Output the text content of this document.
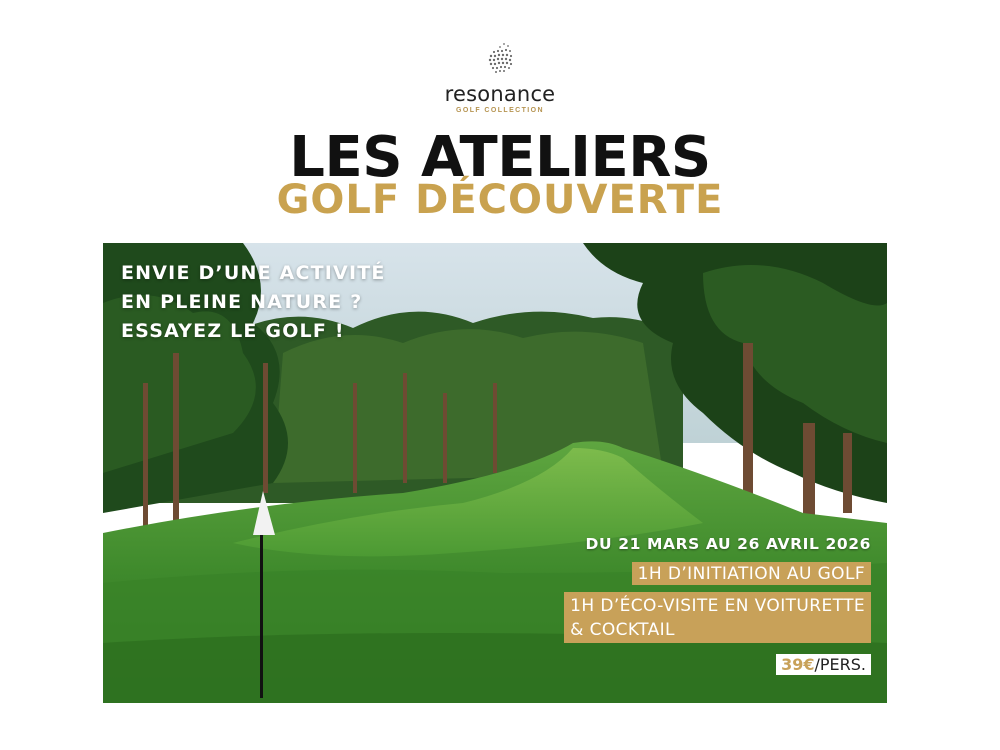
resonance
GOLF COLLECTION
LES ATELIERS
GOLF DÉCOUVERTE

ENVIE D’UNE ACTIVITÉ
EN PLEINE NATURE ?
ESSAYEZ LE GOLF !

DU 21 MARS AU 26 AVRIL 2026
1H D’INITIATION AU GOLF
1H D’ÉCO-VISITE EN VOITURETTE
& COCKTAIL
39€/PERS.
